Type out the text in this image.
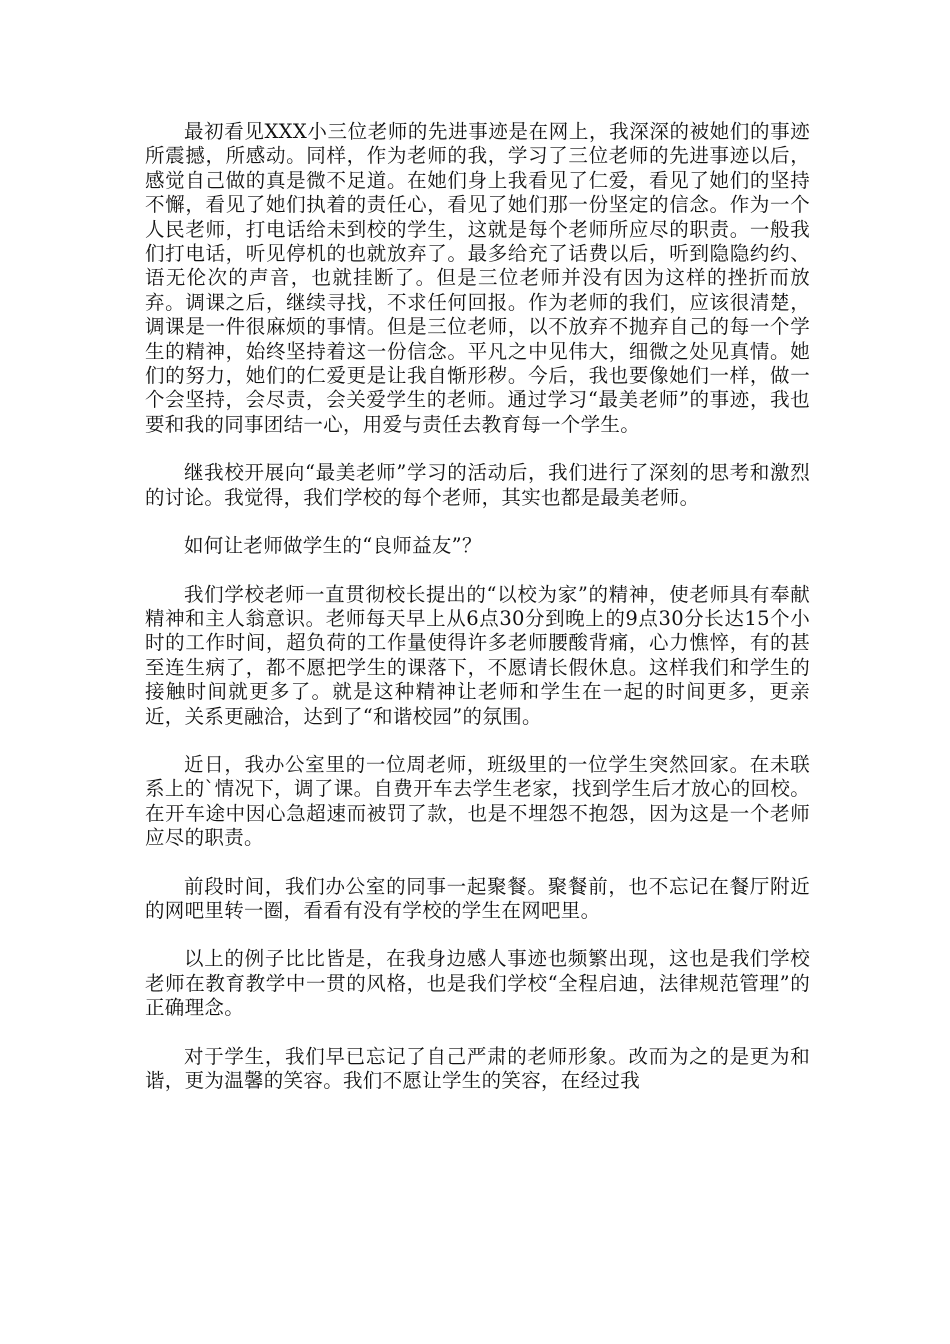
最初看见XXX小三位老师的先进事迹是在网上，我深深的被她们的事迹所震撼，所感动。同样，作为老师的我，学习了三位老师的先进事迹以后，感觉自己做的真是微不足道。在她们身上我看见了仁爱，看见了她们的坚持不懈，看见了她们执着的责任心，看见了她们那一份坚定的信念。作为一个人民老师，打电话给未到校的学生，这就是每个老师所应尽的职责。一般我们打电话，听见停机的也就放弃了。最多给充了话费以后，听到隐隐约约、语无伦次的声音，也就挂断了。但是三位老师并没有因为这样的挫折而放弃。调课之后，继续寻找，不求任何回报。作为老师的我们，应该很清楚，调课是一件很麻烦的事情。但是三位老师，以不放弃不抛弃自己的每一个学生的精神，始终坚持着这一份信念。平凡之中见伟大，细微之处见真情。她们的努力，她们的仁爱更是让我自惭形秽。今后，我也要像她们一样，做一个会坚持，会尽责，会关爱学生的老师。通过学习“最美老师”的事迹，我也要和我的同事团结一心，用爱与责任去教育每一个学生。

继我校开展向“最美老师”学习的活动后，我们进行了深刻的思考和激烈的讨论。我觉得，我们学校的每个老师，其实也都是最美老师。

如何让老师做学生的“良师益友”？

我们学校老师一直贯彻校长提出的“以校为家”的精神，使老师具有奉献精神和主人翁意识。老师每天早上从6点30分到晚上的9点30分长达15个小时的工作时间，超负荷的工作量使得许多老师腰酸背痛，心力憔悴，有的甚至连生病了，都不愿把学生的课落下，不愿请长假休息。这样我们和学生的接触时间就更多了。就是这种精神让老师和学生在一起的时间更多，更亲近，关系更融洽，达到了“和谐校园”的氛围。

近日，我办公室里的一位周老师，班级里的一位学生突然回家。在未联系上的`情况下，调了课。自费开车去学生老家，找到学生后才放心的回校。在开车途中因心急超速而被罚了款，也是不埋怨不抱怨，因为这是一个老师应尽的职责。

前段时间，我们办公室的同事一起聚餐。聚餐前，也不忘记在餐厅附近的网吧里转一圈，看看有没有学校的学生在网吧里。

以上的例子比比皆是，在我身边感人事迹也频繁出现，这也是我们学校老师在教育教学中一贯的风格，也是我们学校“全程启迪，法律规范管理”的正确理念。

对于学生，我们早已忘记了自己严肃的老师形象。改而为之的是更为和谐，更为温馨的笑容。我们不愿让学生的笑容，在经过我
